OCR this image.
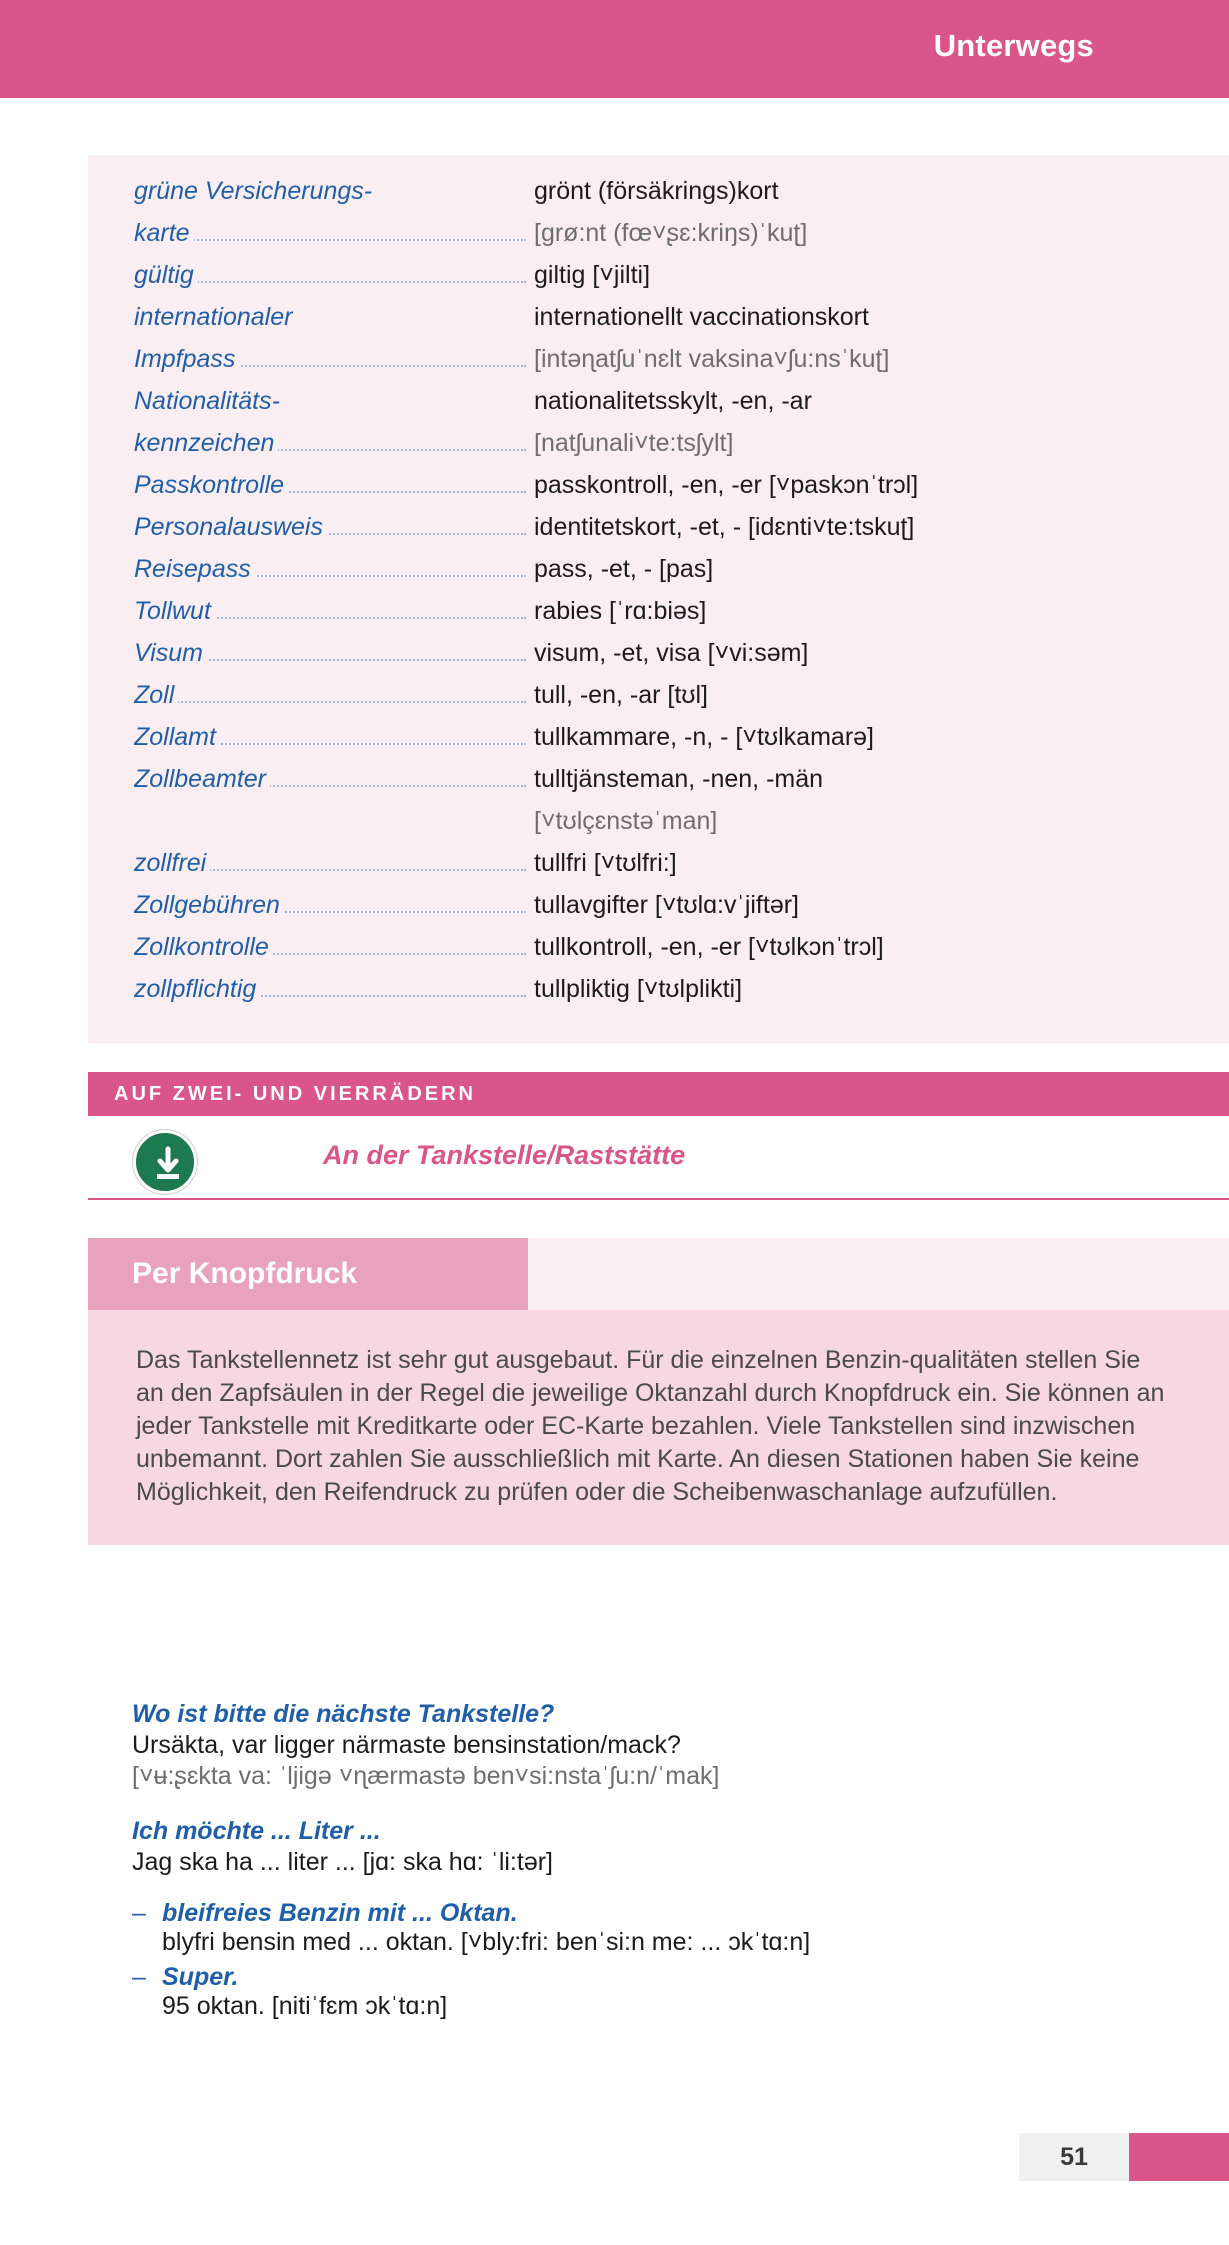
Unterwegs
grüne Versicherungs-	grönt (försäkrings)kort
karte	[grø:nt (fœ˅ʂɛ:kriŋs)ˈkuʈ]
gültig	giltig [˅jilti]
internationaler	internationellt vaccinationskort
Impfpass	[intəɳatʃuˈnɛlt vaksina˅ʃu:nsˈkuʈ]
Nationalitäts-	nationalitetsskylt, -en, -ar
kennzeichen	[natʃunali˅te:tsʃylt]
Passkontrolle	passkontroll, -en, -er [˅paskɔnˈtrɔl]
Personalausweis	identitetskort, -et, - [idɛnti˅te:tskuʈ]
Reisepass	pass, -et, - [pas]
Tollwut	rabies [ˈrɑ:biəs]
Visum	visum, -et, visa [˅vi:səm]
Zoll	tull, -en, -ar [tʊl]
Zollamt	tullkammare, -n, - [˅tʊlkamarə]
Zollbeamter	tulltjänsteman, -nen, -män
[˅tʊlçɛnstəˈman]
zollfrei	tullfri [˅tʊlfri:]
Zollgebühren	tullavgifter [˅tʊlɑ:vˈjiftər]
Zollkontrolle	tullkontroll, -en, -er [˅tʊlkɔnˈtrɔl]
zollpflichtig	tullpliktig [˅tʊlplikti]
AUF ZWEI- UND VIERRÄDERN
An der Tankstelle/Raststätte
Per Knopfdruck

Das Tankstellennetz ist sehr gut ausgebaut. Für die einzelnen Benzin-qualitäten stellen Sie an den Zapfsäulen in der Regel die jeweilige Oktanzahl durch Knopfdruck ein. Sie können an jeder Tankstelle mit Kreditkarte oder EC-Karte bezahlen. Viele Tankstellen sind inzwischen unbemannt. Dort zahlen Sie ausschließlich mit Karte. An diesen Stationen haben Sie keine Möglichkeit, den Reifendruck zu prüfen oder die Scheibenwaschanlage aufzufüllen.

Wo ist bitte die nächste Tankstelle?

Ursäkta, var ligger närmaste bensinstation/mack?

[˅ʉ:ʂɛkta va: ˈljigə ˅ɳærmastə ben˅si:nstaˈʃu:n/ˈmak]

Ich möchte ... Liter ...

Jag ska ha ... liter ... [jɑ: ska hɑ: ˈli:tər]

– bleifreies Benzin mit ... Oktan.

blyfri bensin med ... oktan. [˅bly:fri: benˈsi:n me: ... ɔkˈtɑ:n]

– Super.

95 oktan. [nitiˈfɛm ɔkˈtɑ:n]

51
